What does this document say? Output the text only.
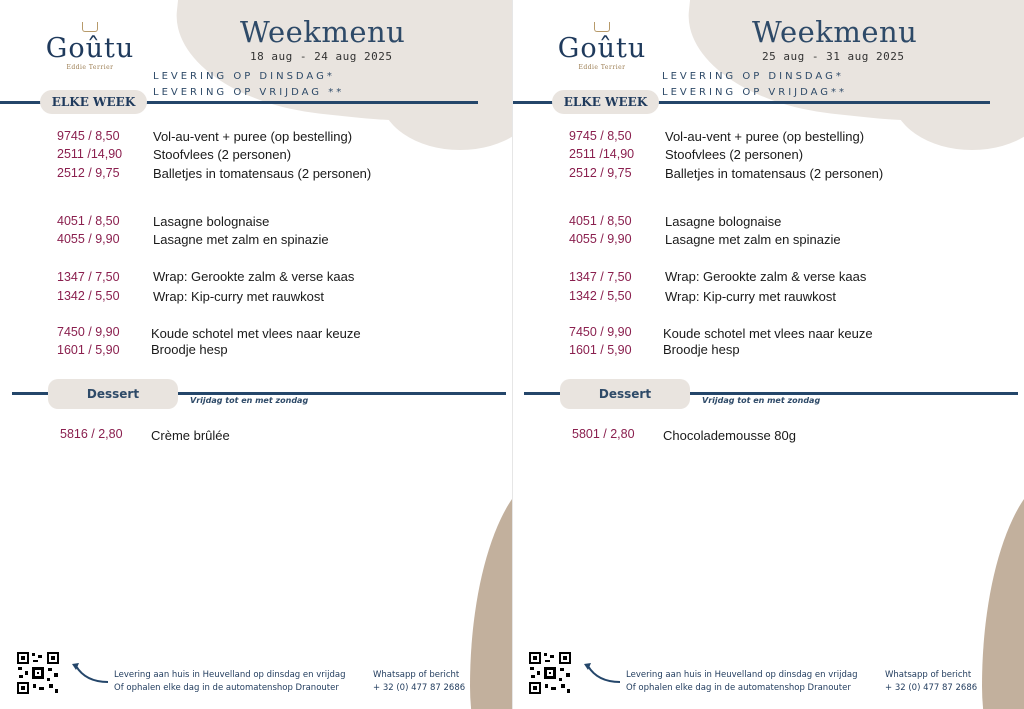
Goûtu
Eddie Terrier
Weekmenu
18 aug - 24 aug 2025
LEVERING OP DINSDAG*
LEVERING OP VRIJDAG **
ELKE WEEK
9745 / 8,50	Vol-au-vent + puree (op bestelling)
2511 /14,90 Stoofvlees (2 personen)
2512 / 9,75	Balletjes in tomatensaus (2 personen)
4051 / 8,50	Lasagne bolognaise
4055 / 9,90	Lasagne met zalm en spinazie
1347 / 7,50	Wrap: Gerookte zalm & verse kaas
1342 / 5,50	Wrap: Kip-curry met rauwkost
7450 / 9,90 Koude schotel met vlees naar keuze
1601 / 5,90 Broodje hesp
Dessert	Vrijdag tot en met zondag
5816 / 2,80 Crème brûlée
Levering aan huis in Heuvelland op dinsdag en vrijdag
Of ophalen elke dag in de automatenshop Dranouter
Whatsapp of bericht
+ 32 (0) 477 87 2686
Goûtu
Eddie Terrier
Weekmenu
25 aug - 31 aug 2025
LEVERING OP DINSDAG*
LEVERING OP VRIJDAG**
ELKE WEEK
9745 / 8,50	Vol-au-vent + puree (op bestelling)
2511 /14,90 Stoofvlees (2 personen)
2512 / 9,75	Balletjes in tomatensaus (2 personen)
4051 / 8,50	Lasagne bolognaise
4055 / 9,90	Lasagne met zalm en spinazie
1347 / 7,50	Wrap: Gerookte zalm & verse kaas
1342 / 5,50	Wrap: Kip-curry met rauwkost
7450 / 9,90 Koude schotel met vlees naar keuze
1601 / 5,90 Broodje hesp
Dessert	Vrijdag tot en met zondag
5801 / 2,80 Chocolademousse 80g
Levering aan huis in Heuvelland op dinsdag en vrijdag
Of ophalen elke dag in de automatenshop Dranouter
Whatsapp of bericht
+ 32 (0) 477 87 2686
